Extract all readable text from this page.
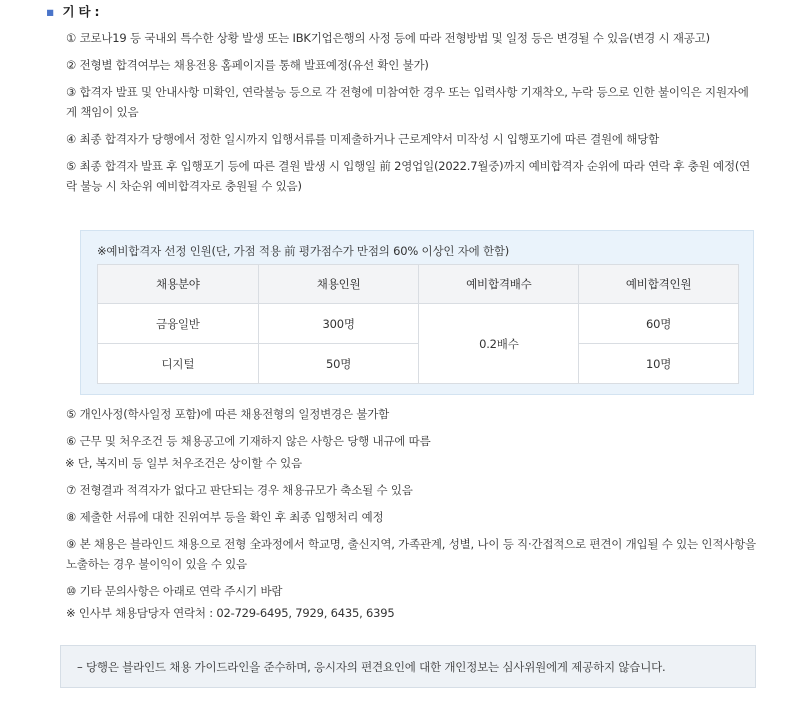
▪ 기 타 :
① 코로나19 등 국내외 특수한 상황 발생 또는 IBK기업은행의 사정 등에 따라 전형방법 및 일정 등은 변경될 수 있음(변경 시 재공고)
② 전형별 합격여부는 채용전용 홈페이지를 통해 발표예정(유선 확인 불가)
③ 합격자 발표 및 안내사항 미확인, 연락불능 등으로 각 전형에 미참여한 경우 또는 입력사항 기재착오, 누락 등으로 인한 불이익은 지원자에게 책임이 있음
④ 최종 합격자가 당행에서 정한 일시까지 입행서류를 미제출하거나 근로계약서 미작성 시 입행포기에 따른 결원에 해당함
⑤ 최종 합격자 발표 후 입행포기 등에 따른 결원 발생 시 입행일 前 2영업일(2022.7월중)까지 예비합격자 순위에 따라 연락 후 충원 예정(연락 불능 시 차순위 예비합격자로 충원될 수 있음)
※예비합격자 선정 인원(단, 가점 적용 前 평가점수가 만점의 60% 이상인 자에 한함)
채용분야	채용인원	예비합격배수	예비합격인원
금융일반	300명	0.2배수	60명
디지털	50명		10명
⑤ 개인사정(학사일정 포함)에 따른 채용전형의 일정변경은 불가함
⑥ 근무 및 처우조건 등 채용공고에 기재하지 않은 사항은 당행 내규에 따름
※ 단, 복지비 등 일부 처우조건은 상이할 수 있음
⑦ 전형결과 적격자가 없다고 판단되는 경우 채용규모가 축소될 수 있음
⑧ 제출한 서류에 대한 진위여부 등을 확인 후 최종 입행처리 예정
⑨ 본 채용은 블라인드 채용으로 전형 全과정에서 학교명, 출신지역, 가족관계, 성별, 나이 등 직·간접적으로 편견이 개입될 수 있는 인적사항을 노출하는 경우 불이익이 있을 수 있음
⑩ 기타 문의사항은 아래로 연락 주시기 바람
※ 인사부 채용담당자 연락처 : 02-729-6495, 7929, 6435, 6395
– 당행은 블라인드 채용 가이드라인을 준수하며, 응시자의 편견요인에 대한 개인정보는 심사위원에게 제공하지 않습니다.
